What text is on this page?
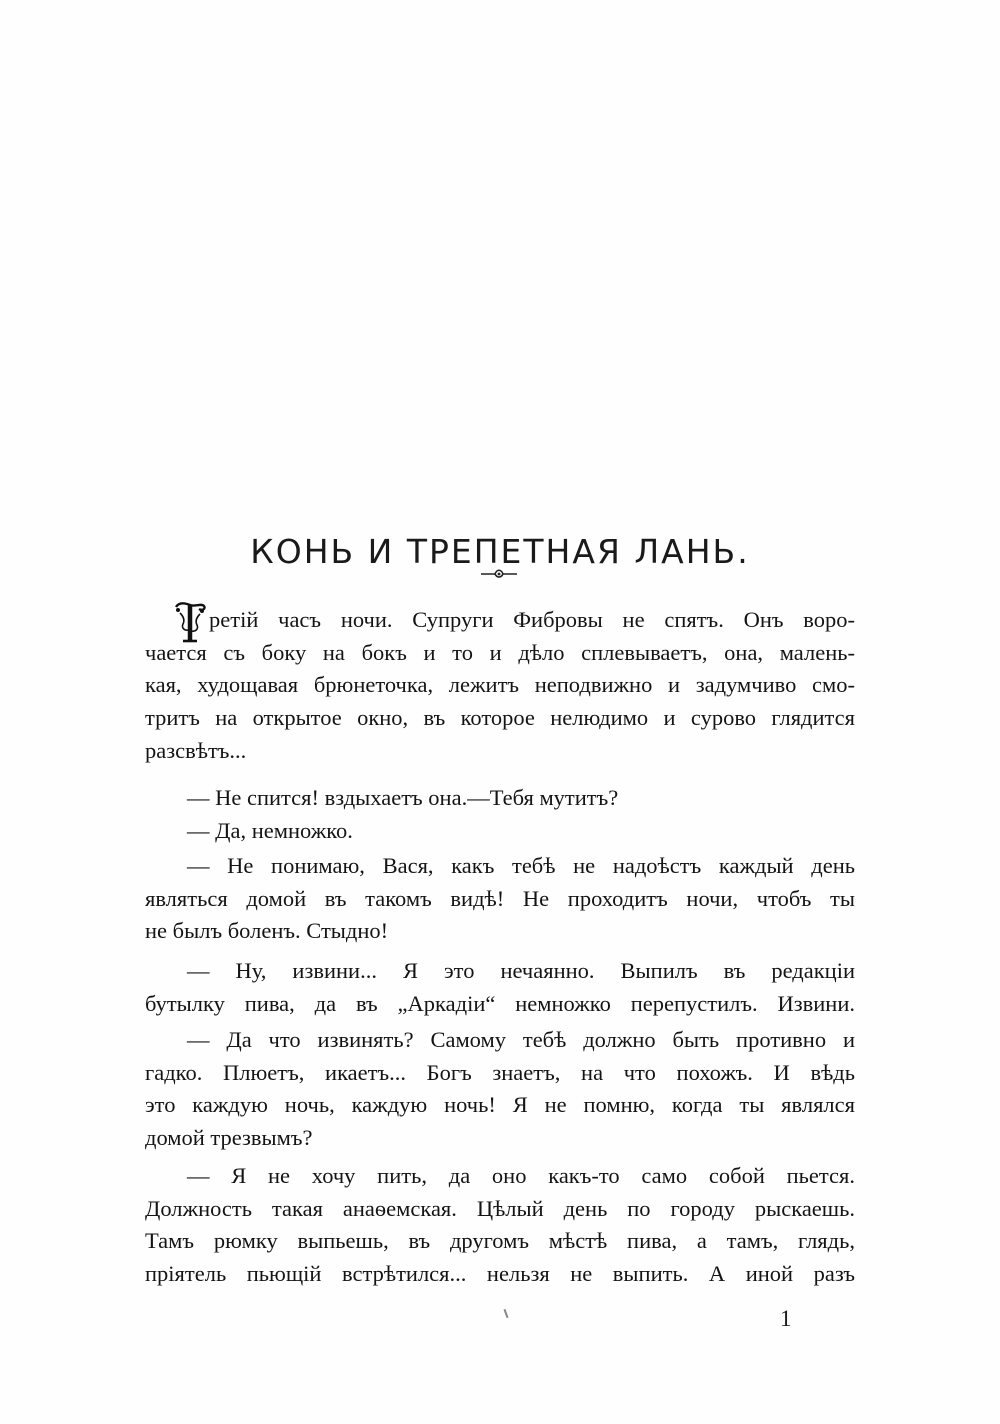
КОНЬ И ТРЕПЕТНАЯ ЛАНЬ.
ретій часъ ночи. Супруги Фибровы не спятъ. Онъ воро-
чается съ боку на бокъ и то и дѣло сплевываетъ, она, малень-
кая, худощавая брюнеточка, лежитъ неподвижно и задумчиво смо-
тритъ на открытое окно, въ которое нелюдимо и сурово глядится
разсвѣтъ...
— Не спится! вздыхаетъ она.—Тебя мутитъ?
— Да, немножко.
— Не понимаю, Вася, какъ тебѣ не надоѣстъ каждый день
являться домой въ такомъ видѣ! Не проходитъ ночи, чтобъ ты
не былъ боленъ. Стыдно!
— Ну, извини... Я это нечаянно. Выпилъ въ редакціи
бутылку пива, да въ „Аркадіи“ немножко перепустилъ. Извини.
— Да что извинять? Самому тебѣ должно быть противно и
гадко. Плюетъ, икаетъ... Богъ знаетъ, на что похожъ. И вѣдь
это каждую ночь, каждую ночь! Я не помню, когда ты являлся
домой трезвымъ?
— Я не хочу пить, да оно какъ-то само собой пьется.
Должность такая анаѳемская. Цѣлый день по городу рыскаешь.
Тамъ рюмку выпьешь, въ другомъ мѣстѣ пива, а тамъ, глядь,
пріятель пьющій встрѣтился... нельзя не выпить. А иной разъ
1
